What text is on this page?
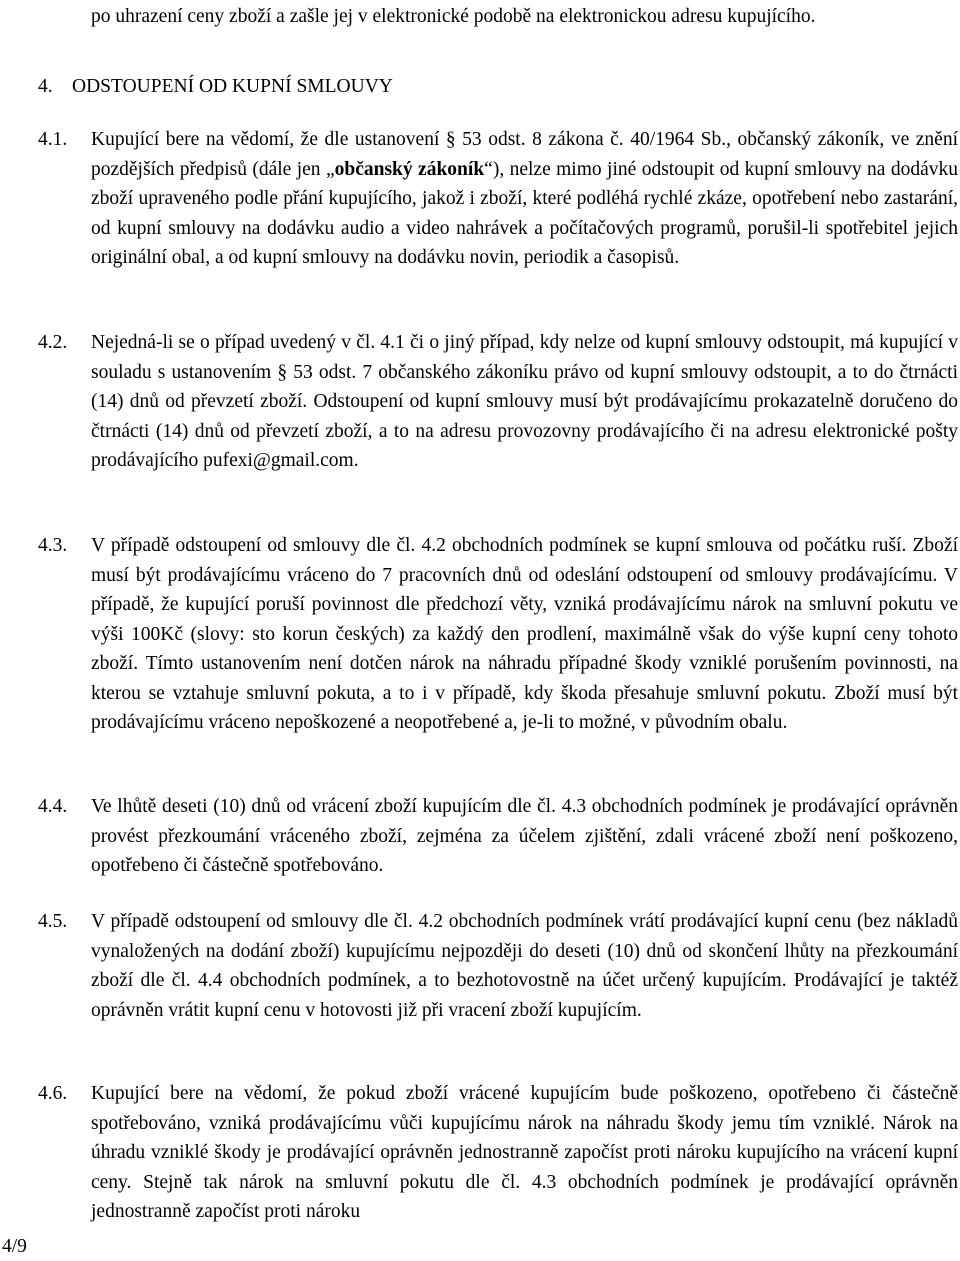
po uhrazení ceny zboží a zašle jej v elektronické podobě na elektronickou adresu kupujícího.

4. ODSTOUPENÍ OD KUPNÍ SMLOUVY
4.1.	Kupující bere na vědomí, že dle ustanovení § 53 odst. 8 zákona č. 40/1964 Sb., občanský zákoník, ve znění pozdějších předpisů (dále jen „občanský zákoník“), nelze mimo jiné odstoupit od kupní smlouvy na dodávku zboží upraveného podle přání kupujícího, jakož i zboží, které podléhá rychlé zkáze, opotřebení nebo zastarání, od kupní smlouvy na dodávku audio a video nahrávek a počítačových programů, porušil-li spotřebitel jejich originální obal, a od kupní smlouvy na dodávku novin, periodik a časopisů.

4.2.	Nejedná-li se o případ uvedený v čl. 4.1 či o jiný případ, kdy nelze od kupní smlouvy odstoupit, má kupující v souladu s ustanovením § 53 odst. 7 občanského zákoníku právo od kupní smlouvy odstoupit, a to do čtrnácti (14) dnů od převzetí zboží. Odstoupení od kupní smlouvy musí být prodávajícímu prokazatelně doručeno do čtrnácti (14) dnů od převzetí zboží, a to na adresu provozovny prodávajícího či na adresu elektronické pošty prodávajícího pufexi@gmail.com.

4.3.	V případě odstoupení od smlouvy dle čl. 4.2 obchodních podmínek se kupní smlouva od počátku ruší. Zboží musí být prodávajícímu vráceno do 7 pracovních dnů od odeslání odstoupení od smlouvy prodávajícímu. V případě, že kupující poruší povinnost dle předchozí věty, vzniká prodávajícímu nárok na smluvní pokutu ve výši 100Kč (slovy: sto korun českých) za každý den prodlení, maximálně však do výše kupní ceny tohoto zboží. Tímto ustanovením není dotčen nárok na náhradu případné škody vzniklé porušením povinnosti, na kterou se vztahuje smluvní pokuta, a to i v případě, kdy škoda přesahuje smluvní pokutu. Zboží musí být prodávajícímu vráceno nepoškozené a neopotřebené a, je-li to možné, v původním obalu.

4.4.	Ve lhůtě deseti (10) dnů od vrácení zboží kupujícím dle čl. 4.3 obchodních podmínek je prodávající oprávněn provést přezkoumání vráceného zboží, zejména za účelem zjištění, zdali vrácené zboží není poškozeno, opotřebeno či částečně spotřebováno.

4.5.	V případě odstoupení od smlouvy dle čl. 4.2 obchodních podmínek vrátí prodávající kupní cenu (bez nákladů vynaložených na dodání zboží) kupujícímu nejpozději do deseti (10) dnů od skončení lhůty na přezkoumání zboží dle čl. 4.4 obchodních podmínek, a to bezhotovostně na účet určený kupujícím. Prodávající je taktéž oprávněn vrátit kupní cenu v hotovosti již při vracení zboží kupujícím.

4.6.	Kupující bere na vědomí, že pokud zboží vrácené kupujícím bude poškozeno, opotřebeno či částečně spotřebováno, vzniká prodávajícímu vůči kupujícímu nárok na náhradu škody jemu tím vzniklé. Nárok na úhradu vzniklé škody je prodávající oprávněn jednostranně započíst proti nároku kupujícího na vrácení kupní ceny. Stejně tak nárok na smluvní pokutu dle čl. 4.3 obchodních podmínek je prodávající oprávněn jednostranně započíst proti nároku

4/9
